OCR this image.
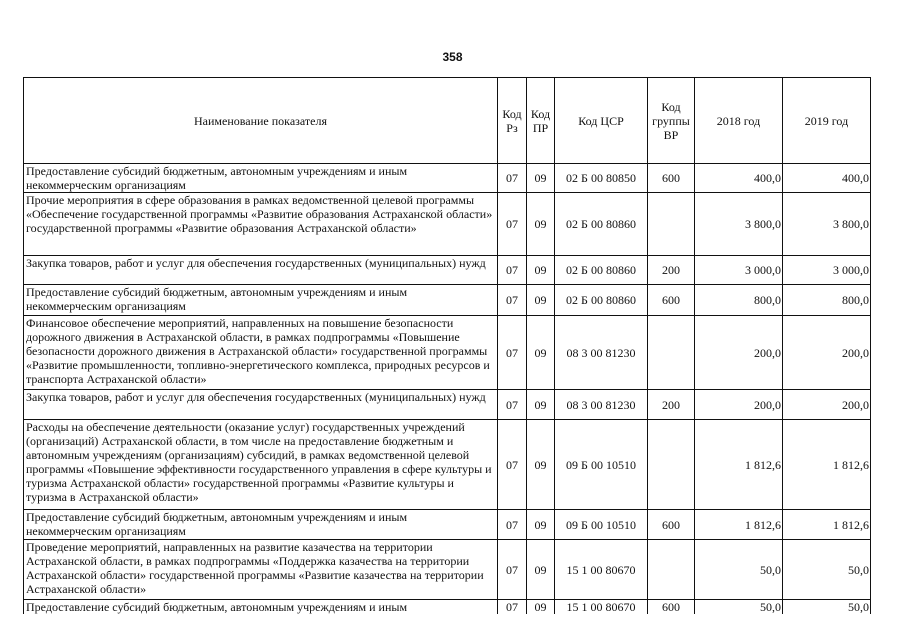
358
Наименование показателя	Код Рз	Код ПР	Код ЦСР	Код группы ВР	2018 год	2019 год
Предоставление субсидий бюджетным, автономным учреждениям и иным некоммерческим организациям	07	09	02 Б 00 80850	600	400,0	400,0
Прочие мероприятия в сфере образования в рамках ведомственной целевой программы «Обеспечение государственной программы «Развитие образования Астраханской области» государственной программы «Развитие образования Астраханской области»	07	09	02 Б 00 80860		3 800,0	3 800,0
Закупка товаров, работ и услуг для обеспечения государственных (муниципальных) нужд	07	09	02 Б 00 80860	200	3 000,0	3 000,0
Предоставление субсидий бюджетным, автономным учреждениям и иным некоммерческим организациям	07	09	02 Б 00 80860	600	800,0	800,0
Финансовое обеспечение мероприятий, направленных на повышение безопасности дорожного движения в Астраханской области, в рамках подпрограммы «Повышение безопасности дорожного движения в Астраханской области» государственной программы «Развитие промышленности, топливно-энергетического комплекса, природных ресурсов и транспорта Астраханской области»	07	09	08 3 00 81230		200,0	200,0
Закупка товаров, работ и услуг для обеспечения государственных (муниципальных) нужд	07	09	08 3 00 81230	200	200,0	200,0
Расходы на обеспечение деятельности (оказание услуг) государственных учреждений (организаций) Астраханской области, в том числе на предоставление бюджетным и автономным учреждениям (организациям) субсидий, в рамках ведомственной целевой программы «Повышение эффективности государственного управления в сфере культуры и туризма Астраханской области» государственной программы «Развитие культуры и туризма в Астраханской области»	07	09	09 Б 00 10510		1 812,6	1 812,6
Предоставление субсидий бюджетным, автономным учреждениям и иным некоммерческим организациям	07	09	09 Б 00 10510	600	1 812,6	1 812,6
Проведение мероприятий, направленных на развитие казачества на территории Астраханской области, в рамках подпрограммы «Поддержка казачества на территории Астраханской области» государственной программы «Развитие казачества на территории Астраханской области»	07	09	15 1 00 80670		50,0	50,0
Предоставление субсидий бюджетным, автономным учреждениям и иным	07	09	15 1 00 80670	600	50,0	50,0
